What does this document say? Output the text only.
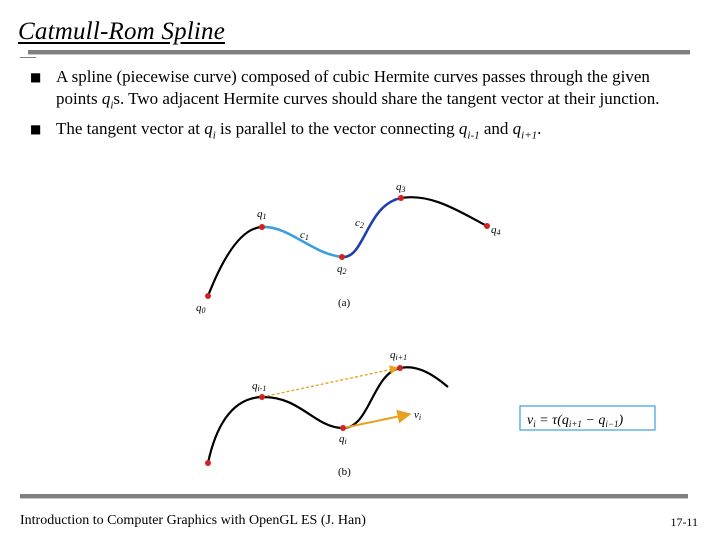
Catmull-Rom Spline
■ A spline (piecewise curve) composed of cubic Hermite curves passes through the given points $q_is$. Two adjacent Hermite curves should share the tangent vector at their junction.
■ The tangent vector at $q_i$ is parallel to the vector connecting $q_{i-1}$ and $q_{i+1}$.
q0
q1
q2
q3
q4
c1
c2
(a)
qi-1
qi+1
qi
vi
(b)
$v_i = \tau(q_{i+1} - q_{i-1})$
Introduction to Computer Graphics with OpenGL ES (J. Han)	17-11
